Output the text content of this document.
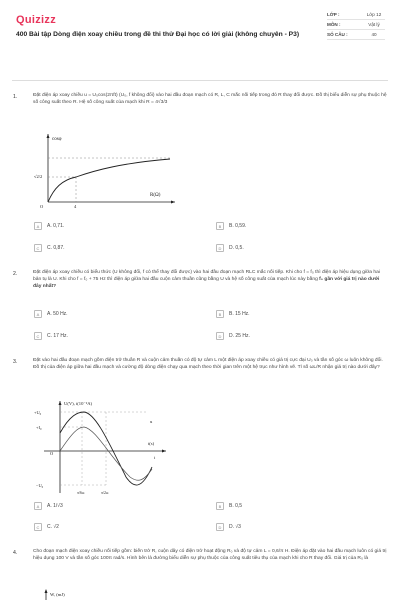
Quizizz
400 Bài tập Dòng điện xoay chiều trong đề thi thử Đại học có lời giải (không chuyên - P3)
LỚP :	Lớp 12
MÔN :	Vật lý
SỐ CÂU :	40
1.	Đặt điện áp xoay chiều u = U₀cos(2πft) (U₀, f không đổi) vào hai đầu đoạn mạch có R, L, C mắc nối tiếp trong đó R thay đổi được. Đồ thị biểu diễn sự phụ thuộc hệ số công suất theo R. Hệ số công suất của mạch khi R = 4√3/3
cosφ
R(Ω)
√2/2
4
O
A	A. 0,71.	B	B. 0,59.
C	C. 0,87.	D	D. 0,5.
2.	Đặt điện áp xoay chiều có biểu thức (U không đổi, f có thể thay đổi được) vào hai đầu đoạn mạch RLC mắc nối tiếp. Khi cho f = f₀ thì điện áp hiệu dụng giữa hai bản tụ là U. Khi cho f = f₀ + 75 Hz thì điện áp giữa hai đầu cuộn cảm thuần cũng bằng U và hệ số công suất của mạch lúc này bằng f₀ gần với giá trị nào dưới đây nhất?
A	A. 50 Hz.	B	B. 15 Hz.
C	C. 17 Hz.	D	D. 25 Hz.
3.	Đặt vào hai đầu đoạn mạch gồm điện trở thuần R và cuộn cảm thuần có độ tự cảm L một điện áp xoay chiều có giá trị cực đại U₀ và tần số góc ω luôn không đổi. Đồ thị của điện áp giữa hai đầu mạch và cường độ dòng điện chạy qua mạch theo thời gian trên một hệ trục như hình vẽ. Tỉ số ωL/R nhận giá trị nào dưới đây?
U(V), i(10⁻³A)
t(s)
u
i
+U₀
+I₀
O
−U₀
π/6ω	π/2ω
A	A. 1/√3	B	B. 0,5
C	C. √2	D	D. √3
4.	Cho đoạn mạch điện xoay chiều nối tiếp gồm: biến trở R, cuộn dây có điện trở hoạt động R₀ và độ tự cảm L = 0,6/π H. Điện áp đặt vào hai đầu mạch luôn có giá trị hiệu dụng 100 V và tần số góc 100π rad/s. Hình bên là đường biểu diễn sự phụ thuộc của công suất tiêu thụ của mạch khi cho R thay đổi. Giá trị của R₀ là
W, (mJ)
